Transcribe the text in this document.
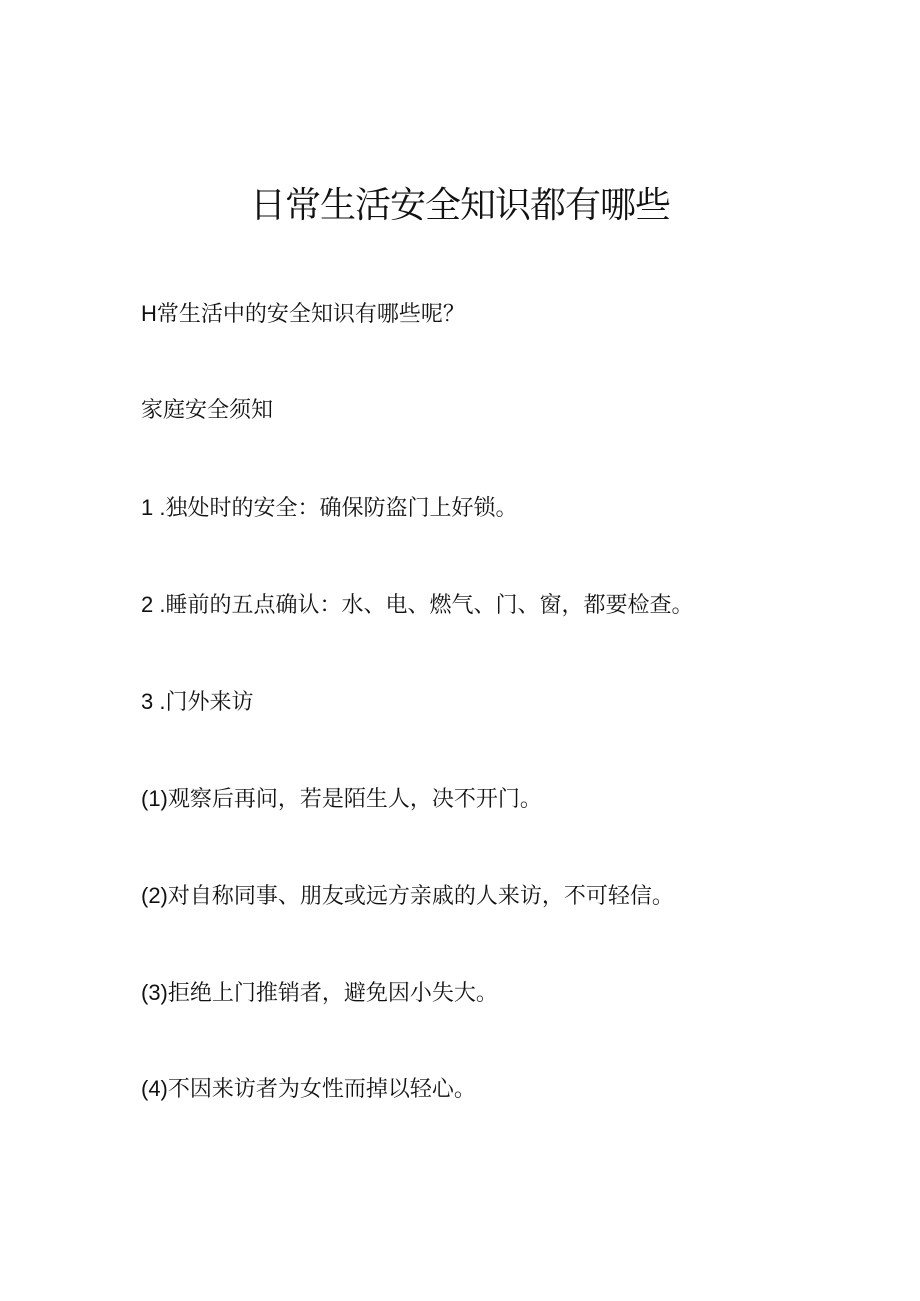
日常生活安全知识都有哪些
H常生活中的安全知识有哪些呢？
家庭安全须知
1 .独处时的安全：确保防盗门上好锁。
2 .睡前的五点确认：水、电、燃气、门、窗，都要检查。
3 .门外来访
(1)观察后再问，若是陌生人，决不开门。
(2)对自称同事、朋友或远方亲戚的人来访，不可轻信。
(3)拒绝上门推销者，避免因小失大。
(4)不因来访者为女性而掉以轻心。
